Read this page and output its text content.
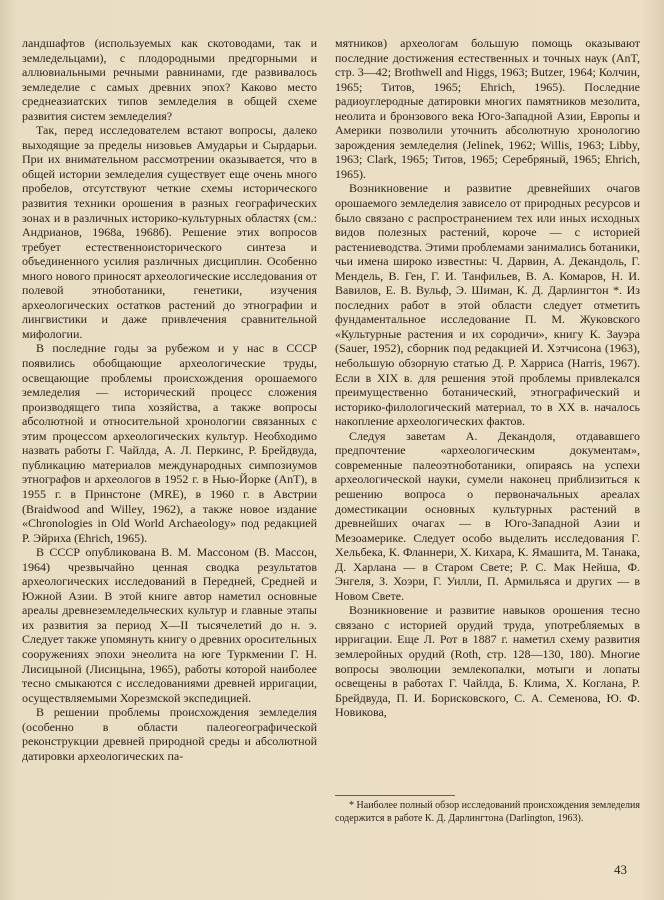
ландшафтов (используемых как скотоводами, так и земледельцами), с плодородными предгорными и аллювиальными речными равнинами, где развивалось земледелие с самых древних эпох? Каково место среднеазиатских типов земледелия в общей схеме развития систем земледелия?

Так, перед исследователем встают вопросы, далеко выходящие за пределы низовьев Амударьи и Сырдарьи. При их внимательном рассмотрении оказывается, что в общей истории земледелия существует еще очень много пробелов, отсутствуют четкие схемы исторического развития техники орошения в разных географических зонах и в различных историко-культурных областях (см.: Андрианов, 1968а, 1968б). Решение этих вопросов требует естественноисторического синтеза и объединенного усилия различных дисциплин. Особенно много нового приносят археологические исследования от полевой этноботаники, генетики, изучения археологических остатков растений до этнографии и лингвистики и даже привлечения сравнительной мифологии.

В последние годы за рубежом и у нас в СССР появились обобщающие археологические труды, освещающие проблемы происхождения орошаемого земледелия — исторический процесс сложения производящего типа хозяйства, а также вопросы абсолютной и относительной хронологии связанных с этим процессом археологических культур. Необходимо назвать работы Г. Чайлда, А. Л. Перкинс, Р. Брейдвуда, публикацию материалов международных симпозиумов этнографов и археологов в 1952 г. в Нью-Йорке (АnТ), в 1955 г. в Принстоне (MRE), в 1960 г. в Австрии (Braidwood and Willey, 1962), а также новое издание «Chronologies in Old World Archaeology» под редакцией Р. Эйриха (Ehrich, 1965).

В СССР опубликована В. М. Массоном (В. Массон, 1964) чрезвычайно ценная сводка результатов археологических исследований в Передней, Средней и Южной Азии. В этой книге автор наметил основные ареалы древнеземледельческих культур и главные этапы их развития за период X—II тысячелетий до н. э. Следует также упомянуть книгу о древних оросительных сооружениях эпохи энеолита на юге Туркмении Г. Н. Лисицыной (Лисицына, 1965), работы которой наиболее тесно смыкаются с исследованиями древней ирригации, осуществляемыми Хорезмской экспедицией.

В решении проблемы происхождения земледелия (особенно в области палеогеографической реконструкции древней природной среды и абсолютной датировки археологических па-

мятников) археологам большую помощь оказывают последние достижения естественных и точных наук (AnT, стр. 3—42; Brothwell and Higgs, 1963; Butzer, 1964; Колчин, 1965; Титов, 1965; Ehrich, 1965). Последние радиоуглеродные датировки многих памятников мезолита, неолита и бронзового века Юго-Западной Азии, Европы и Америки позволили уточнить абсолютную хронологию зарождения земледелия (Jelinek, 1962; Willis, 1963; Libby, 1963; Clark, 1965; Титов, 1965; Серебряный, 1965; Ehrich, 1965).

Возникновение и развитие древнейших очагов орошаемого земледелия зависело от природных ресурсов и было связано с распространением тех или иных исходных видов полезных растений, короче — с историей растениеводства. Этими проблемами занимались ботаники, чьи имена широко известны: Ч. Дарвин, А. Декандоль, Г. Мендель, В. Ген, Г. И. Танфильев, В. А. Комаров, Н. И. Вавилов, Е. В. Вульф, Э. Шиман, К. Д. Дарлингтон *. Из последних работ в этой области следует отметить фундаментальное исследование П. М. Жуковского «Культурные растения и их сородичи», книгу К. Зауэра (Sauer, 1952), сборник под редакцией И. Хэтчисона (1963), небольшую обзорную статью Д. Р. Харриса (Harris, 1967). Если в XIX в. для решения этой проблемы привлекался преимущественно ботанический, этнографический и историко-филологический материал, то в XX в. началось накопление археологических фактов.

Следуя заветам А. Декандоля, отдававшего предпочтение «археологическим документам», современные палеоэтноботаники, опираясь на успехи археологической науки, сумели наконец приблизиться к решению вопроса о первоначальных ареалах доместикации основных культурных растений в древнейших очагах — в Юго-Западной Азии и Мезоамерике. Следует особо выделить исследования Г. Хельбека, К. Фланнери, Х. Кихара, К. Ямашита, М. Танака, Д. Харлана — в Старом Свете; Р. С. Мак Нейша, Ф. Энгеля, З. Хоэри, Г. Уилли, П. Армильяса и других — в Новом Свете.

Возникновение и развитие навыков орошения тесно связано с историей орудий труда, употребляемых в ирригации. Еще Л. Рот в 1887 г. наметил схему развития землеройных орудий (Roth, стр. 128—130, 180). Многие вопросы эволюции землекопалки, мотыги и лопаты освещены в работах Г. Чайлда, Б. Клима, Х. Коглана, Р. Брейдвуда, П. И. Борисковского, С. А. Семенова, Ю. Ф. Новикова,

* Наиболее полный обзор исследований происхождения земледелия содержится в работе К. Д. Дарлингтона (Darlington, 1963).

43
